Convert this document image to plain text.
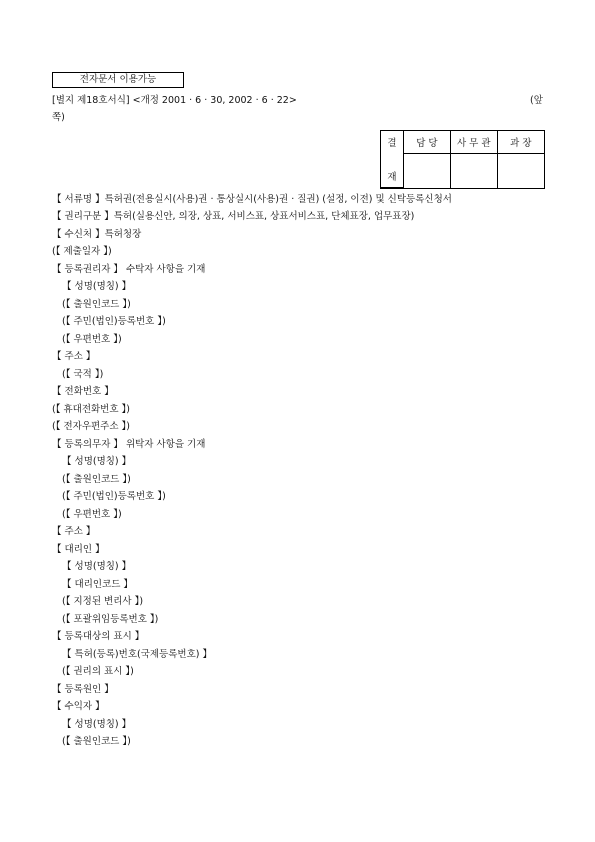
전자문서 이용가능
[별지 제18호서식] <개정 2001 · 6 · 30, 2002 · 6 · 22>	(앞
쪽)
결
재	담 당	사 무 관	과 장

【 서류명 】특허권(전용실시(사용)권 · 통상실시(사용)권 · 질권) (설정, 이전) 및 신탁등록신청서
【 권리구분 】특허(실용신안, 의장, 상표, 서비스표, 상표서비스표, 단체표장, 업무표장)
【 수신처 】특허청장
(【 제출일자 】)
【 등록권리자 】 수탁자 사항을 기재
【 성명(명칭) 】
(【 출원인코드 】)
(【 주민(법인)등록번호 】)
(【 우편번호 】)
【 주소 】
(【 국적 】)
【 전화번호 】
(【 휴대전화번호 】)
(【 전자우편주소 】)
【 등록의무자 】 위탁자 사항을 기재
【 성명(명칭) 】
(【 출원인코드 】)
(【 주민(법인)등록번호 】)
(【 우편번호 】)
【 주소 】
【 대리인 】
【 성명(명칭) 】
【 대리인코드 】
(【 지정된 변리사 】)
(【 포괄위임등록번호 】)
【 등록대상의 표시 】
【 특허(등록)번호(국제등록번호) 】
(【 권리의 표시 】)
【 등록원인 】
【 수익자 】
【 성명(명칭) 】
(【 출원인코드 】)
